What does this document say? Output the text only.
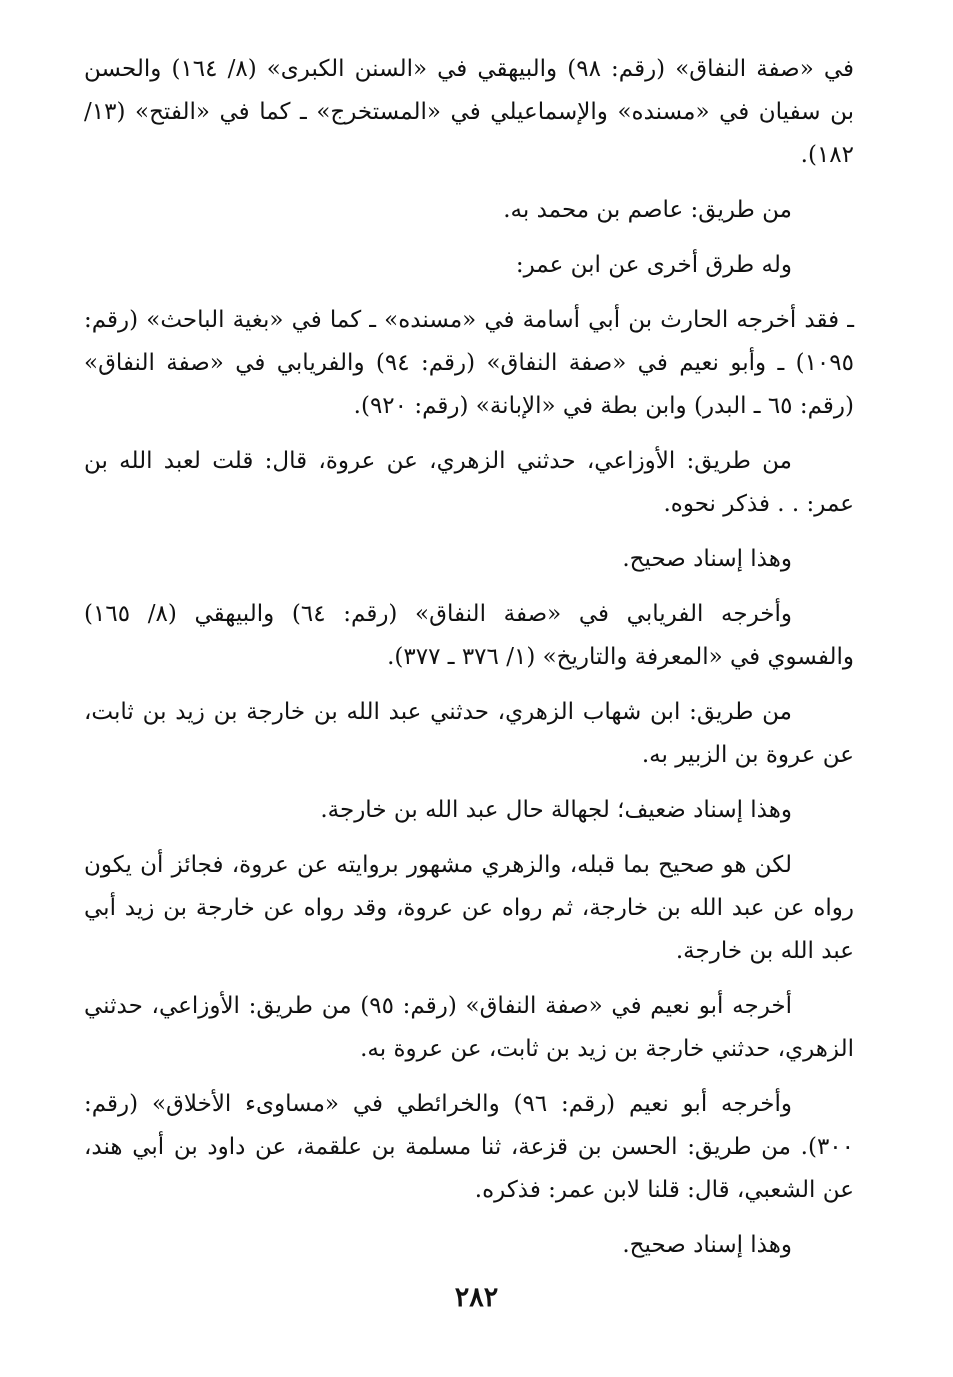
في «صفة النفاق» (رقم: ٩٨) والبيهقي في «السنن الكبرى» (٨/ ١٦٤) والحسن بن سفيان في «مسنده» والإسماعيلي في «المستخرج» ـ كما في «الفتح» (١٣/ ١٨٢).

من طريق: عاصم بن محمد به.

وله طرق أخرى عن ابن عمر:

ـ فقد أخرجه الحارث بن أبي أسامة في «مسنده» ـ كما في «بغية الباحث» (رقم: ١٠٩٥) ـ وأبو نعيم في «صفة النفاق» (رقم: ٩٤) والفريابي في «صفة النفاق» (رقم: ٦٥ ـ البدر) وابن بطة في «الإبانة» (رقم: ٩٢٠).

من طريق: الأوزاعي، حدثني الزهري، عن عروة، قال: قلت لعبد الله بن عمر: . . فذكر نحوه.

وهذا إسناد صحيح.

وأخرجه الفريابي في «صفة النفاق» (رقم: ٦٤) والبيهقي (٨/ ١٦٥) والفسوي في «المعرفة والتاريخ» (١/ ٣٧٦ ـ ٣٧٧).

من طريق: ابن شهاب الزهري، حدثني عبد الله بن خارجة بن زيد بن ثابت، عن عروة بن الزبير به.

وهذا إسناد ضعيف؛ لجهالة حال عبد الله بن خارجة.

لكن هو صحيح بما قبله، والزهري مشهور بروايته عن عروة، فجائز أن يكون رواه عن عبد الله بن خارجة، ثم رواه عن عروة، وقد رواه عن خارجة بن زيد أبي عبد الله بن خارجة.

أخرجه أبو نعيم في «صفة النفاق» (رقم: ٩٥) من طريق: الأوزاعي، حدثني الزهري، حدثني خارجة بن زيد بن ثابت، عن عروة به.

وأخرجه أبو نعيم (رقم: ٩٦) والخرائطي في «مساوىء الأخلاق» (رقم: ٣٠٠). من طريق: الحسن بن قزعة، ثنا مسلمة بن علقمة، عن داود بن أبي هند، عن الشعبي، قال: قلنا لابن عمر: فذكره.

وهذا إسناد صحيح.

٢٨٢
